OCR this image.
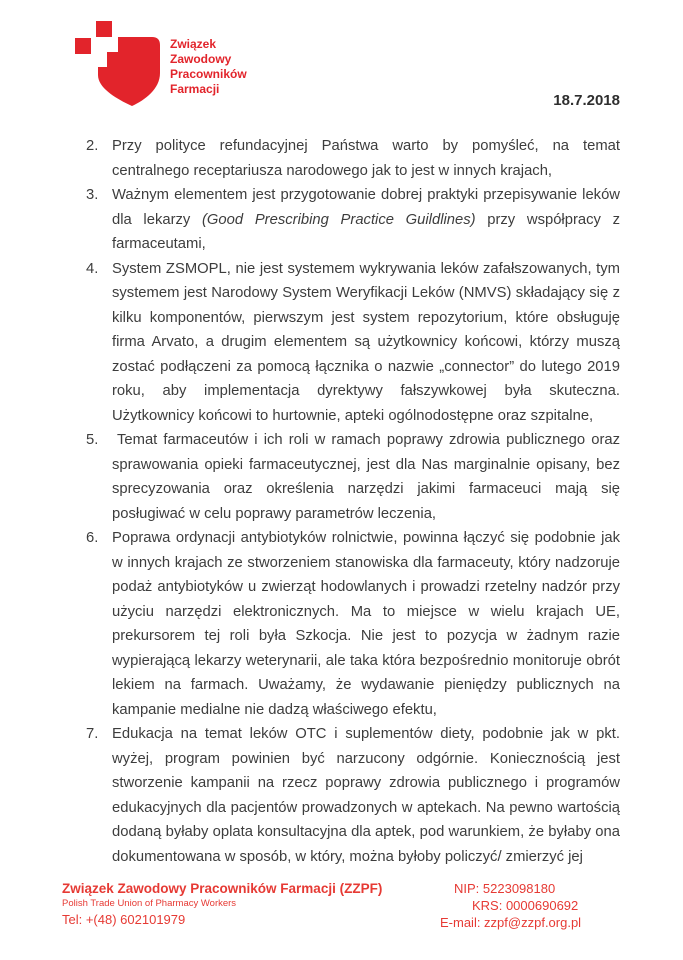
Związek
Zawodowy
Pracowników
Farmacji
18.7.2018
2. Przy polityce refundacyjnej Państwa warto by pomyśleć, na temat centralnego receptariusza narodowego jak to jest w innych krajach,
3. Ważnym elementem jest przygotowanie dobrej praktyki przepisywanie leków dla lekarzy (Good Prescribing Practice Guildlines) przy współpracy z farmaceutami,
4. System ZSMOPL, nie jest systemem wykrywania leków zafałszowanych, tym systemem jest Narodowy System Weryfikacji Leków (NMVS) składający się z kilku komponentów, pierwszym jest system repozytorium, które obsługuję firma Arvato, a drugim elementem są użytkownicy końcowi, którzy muszą zostać podłączeni za pomocą łącznika o nazwie „connector” do lutego 2019 roku, aby implementacja dyrektywy fałszywkowej była skuteczna. Użytkownicy końcowi to hurtownie, apteki ogólnodostępne oraz szpitalne,
5.	Temat farmaceutów i ich roli w ramach poprawy zdrowia publicznego oraz sprawowania opieki farmaceutycznej, jest dla Nas marginalnie opisany, bez sprecyzowania oraz określenia narzędzi jakimi farmaceuci mają się posługiwać w celu poprawy parametrów leczenia,
6. Poprawa ordynacji antybiotyków rolnictwie, powinna łączyć się podobnie jak w innych krajach ze stworzeniem stanowiska dla farmaceuty, który nadzoruje podaż antybiotyków u zwierząt hodowlanych i prowadzi rzetelny nadzór przy użyciu narzędzi elektronicznych. Ma to miejsce w wielu krajach UE, prekursorem tej roli była Szkocja. Nie jest to pozycja w żadnym razie wypierającą lekarzy weterynarii, ale taka która bezpośrednio monitoruje obrót lekiem na farmach. Uważamy, że wydawanie pieniędzy publicznych na kampanie medialne nie dadzą właściwego efektu,
7. Edukacja na temat leków OTC i suplementów diety, podobnie jak w pkt. wyżej, program powinien być narzucony odgórnie. Koniecznością jest stworzenie kampanii na rzecz poprawy zdrowia publicznego i programów edukacyjnych dla pacjentów prowadzonych w aptekach. Na pewno wartością dodaną byłaby oplata konsultacyjna dla aptek, pod warunkiem, że byłaby ona dokumentowana w sposób, w który, można byłoby policzyć/ zmierzyć jej
Związek Zawodowy Pracowników Farmacji (ZZPF)
Polish Trade Union of Pharmacy Workers
Tel: +(48) 602101979
NIP: 5223098180
KRS: 0000690692
E-mail: zzpf@zzpf.org.pl
